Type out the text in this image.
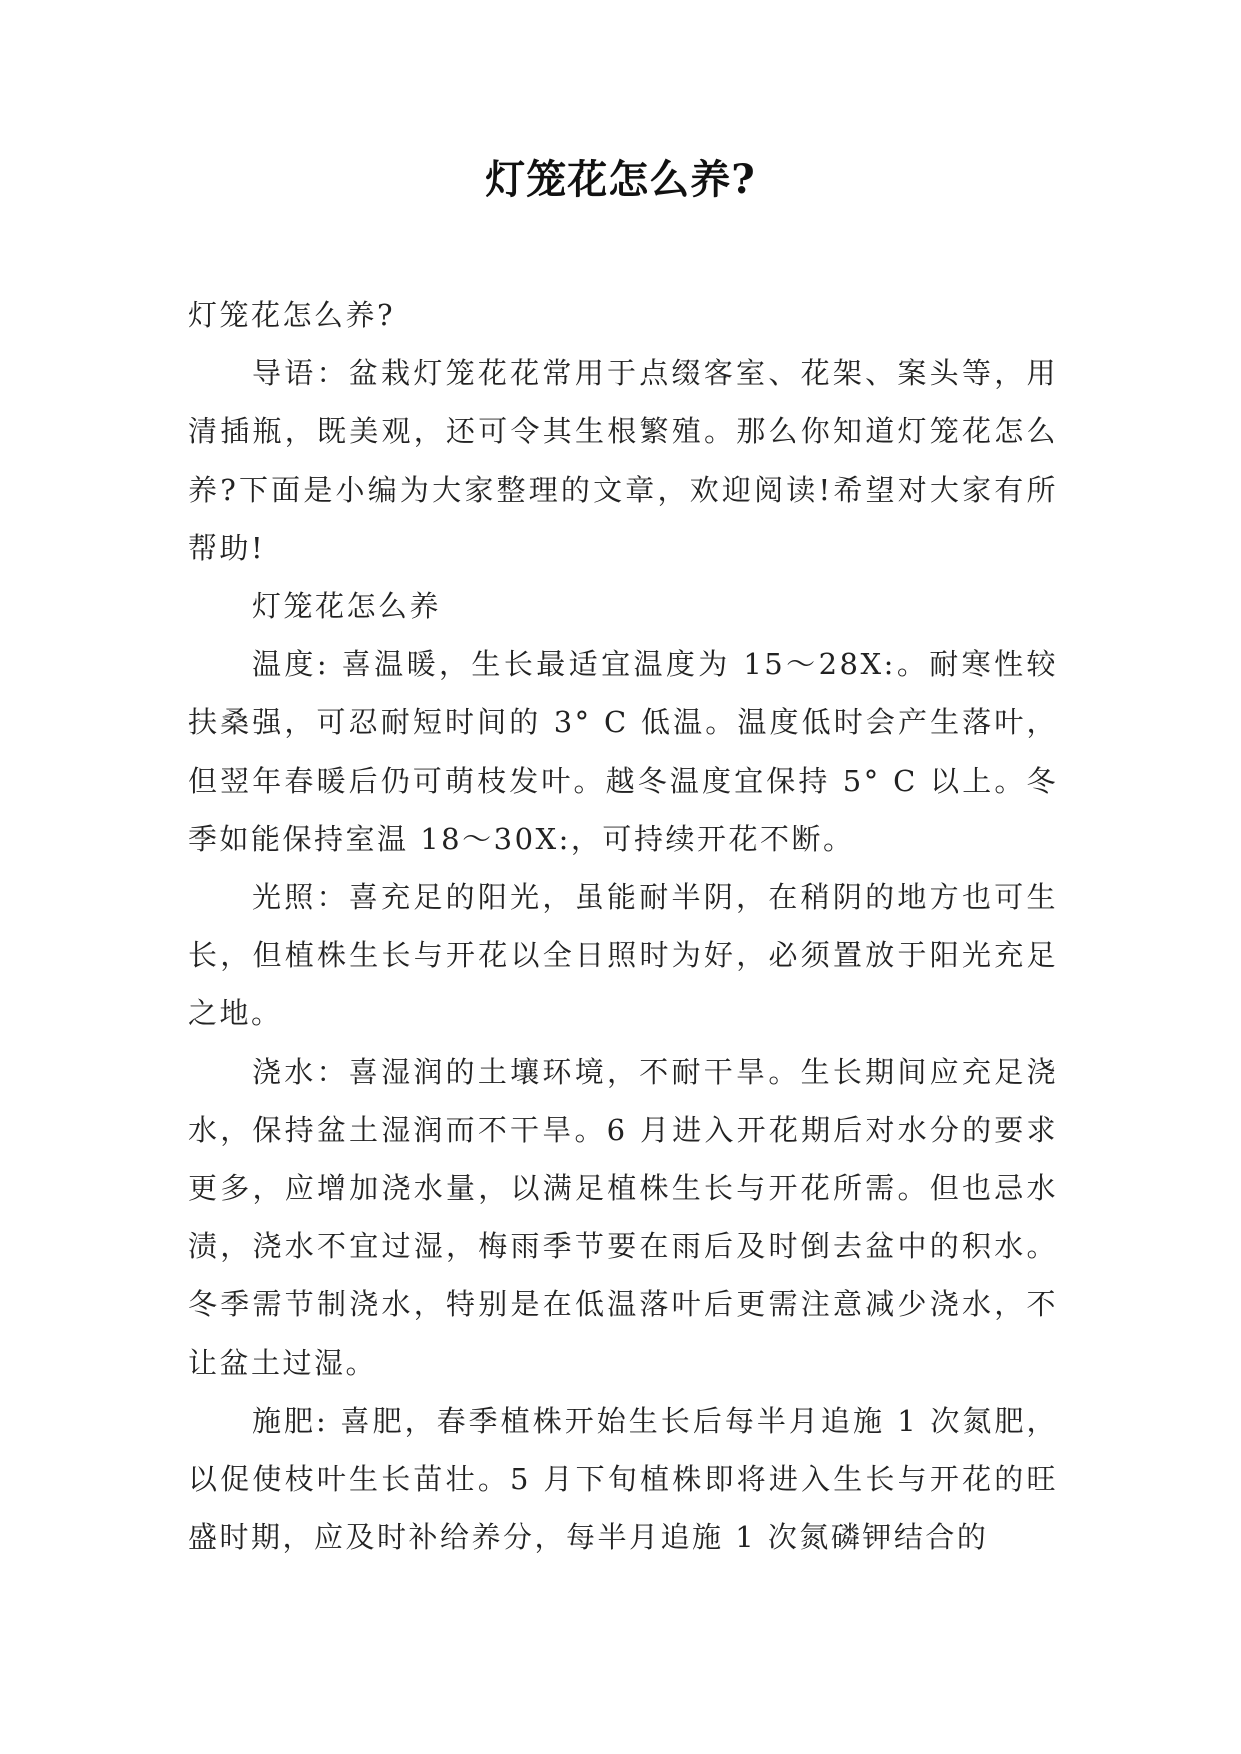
灯笼花怎么养?

灯笼花怎么养?

导语：盆栽灯笼花花常用于点缀客室、花架、案头等，用清插瓶，既美观，还可令其生根繁殖。那么你知道灯笼花怎么养?下面是小编为大家整理的文章，欢迎阅读!希望对大家有所帮助!

灯笼花怎么养

温度: 喜温暖，生长最适宜温度为 15～28X:。耐寒性较扶桑强，可忍耐短时间的 3° C 低温。温度低时会产生落叶，但翌年春暖后仍可萌枝发叶。越冬温度宜保持 5° C 以上。冬季如能保持室温 18～30X:，可持续开花不断。

光照：喜充足的阳光，虽能耐半阴，在稍阴的地方也可生长，但植株生长与开花以全日照时为好，必须置放于阳光充足之地。

浇水：喜湿润的土壤环境，不耐干旱。生长期间应充足浇水，保持盆土湿润而不干旱。6 月进入开花期后对水分的要求更多，应增加浇水量，以满足植株生长与开花所需。但也忌水渍，浇水不宜过湿，梅雨季节要在雨后及时倒去盆中的积水。冬季需节制浇水，特别是在低温落叶后更需注意减少浇水，不让盆土过湿。

施肥: 喜肥，春季植株开始生长后每半月追施 1 次氮肥，以促使枝叶生长苗壮。5 月下旬植株即将进入生长与开花的旺盛时期，应及时补给养分，每半月追施 1 次氮磷钾结合的
